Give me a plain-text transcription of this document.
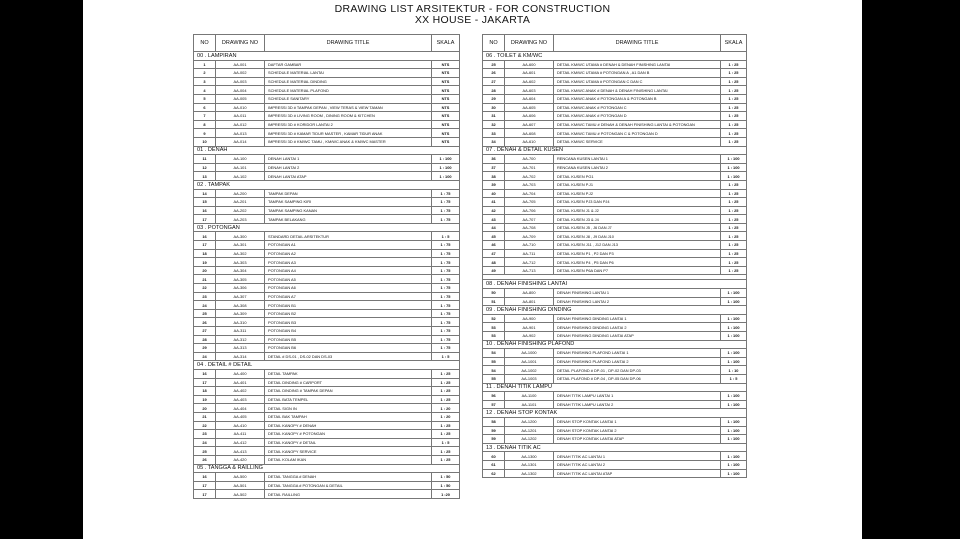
DRAWING LIST ARSITEKTUR - FOR CONSTRUCTION
XX HOUSE - JAKARTA
NO	DRAWING NO	DRAWING TITLE	SKALA
00 . LAMPIRAN			
1	AA-001	DAFTAR GAMBAR	NTS
2	AA-002	SCHEDULE MATERIAL LANTAI	NTS
3	AA-003	SCHEDULE MATERIAL DINDING	NTS
4	AA-004	SCHEDULE MATERIAL PLAFOND	NTS
5	AA-005	SCHEDULE SANITARY	NTS
6	AA-010	IMPRESSI 3D # TAMPAK DEPAN , VIEW TERAS & VIEW TAMAN	NTS
7	AA-011	IMPRESSI 3D # LIVING ROOM , DINING ROOM & KITCHEN	NTS
8	AA-012	IMPRESSI 3D # KORIDOR LANTAI 2	NTS
9	AA-013	IMPRESSI 3D # KAMAR TIDUR MASTER , KAMAR TIDUR ANAK	NTS
10	AA-014	IMPRESSI 3D # KM/WC TAMU , KM/WC ANAK & KM/WC MASTER	NTS
01 . DENAH			
11	AA-100	DENAH LANTAI 1	1 : 100
12	AA-101	DENAH LANTAI 2	1 : 100
13	AA-102	DENAH LANTAI ATAP	1 : 100
02 . TAMPAK			
14	AA-200	TAMPAK DEPAN	1 : 75
15	AA-201	TAMPAK SAMPING KIRI	1 : 75
16	AA-202	TAMPAK SAMPING KANAN	1 : 75
17	AA-203	TAMPAK BELAKANG	1 : 75
03 . POTONGAN			
16	AA-300	STANDARD DETAIL ARSITEKTUR	1 : 5
17	AA-301	POTONGAN A1	1 : 75
18	AA-302	POTONGAN A2	1 : 75
19	AA-303	POTONGAN A3	1 : 75
20	AA-304	POTONGAN A4	1 : 75
21	AA-305	POTONGAN A5	1 : 75
22	AA-306	POTONGAN A6	1 : 75
23	AA-307	POTONGAN A7	1 : 75
24	AA-308	POTONGAN B1	1 : 75
25	AA-309	POTONGAN B2	1 : 75
26	AA-310	POTONGAN B3	1 : 75
27	AA-311	POTONGAN B4	1 : 75
28	AA-312	POTONGAN B5	1 : 75
29	AA-313	POTONGAN B6	1 : 75
24	AA-314	DETAIL # DS-01 , DS-02 DAN DS-03	1 : 5
04 . DETAIL # DETAIL			
16	AA-400	DETAIL TAMPAK	1 : 25
17	AA-401	DETAIL DINDING # CARPORT	1 : 25
18	AA-402	DETAIL DINDING # TAMPAK DEPAN	1 : 25
19	AA-403	DETAIL BATA TEMPEL	1 : 25
20	AA-404	DETAIL SIGN IN	1 : 20
21	AA-405	DETAIL BAK TAMPAH	1 : 20
22	AA-410	DETAIL KANOPY # DENAH	1 : 25
23	AA-411	DETAIL KANOPY # POTONGAN	1 : 25
24	AA-412	DETAIL KANOPY # DETAIL	1 : 5
25	AA-413	DETAIL KANOPY SERVICE	1 : 25
26	AA-420	DETAIL KOLAM IKAN	1 : 25
05 . TANGGA & RAILLING			
16	AA-500	DETAIL TANGGA # DENAH	1 : 50
17	AA-501	DETAIL TANGGA # POTONGAN & DETAIL	1 : 50
17	AA-502	DETAIL RAILLING	1 :20
NO	DRAWING NO	DRAWING TITLE	SKALA
06 . TOILET & KM/WC			
25	AA-600	DETAIL KM/WC UTAMA # DENAH & DENAH FINISHING LANTAI	1 : 25
26	AA-601	DETAIL KM/WC UTAMA # POTONGAN A , A1 DAN B	1 : 25
27	AA-602	DETAIL KM/WC UTAMA # POTONGAN C DAN C	1 : 25
28	AA-603	DETAIL KM/WC ANAK # DENAH & DENAH FINISHING LANTAI	1 : 25
29	AA-604	DETAIL KM/WC ANAK # POTONGAN A & POTONGAN B	1 : 25
30	AA-605	DETAIL KM/WC ANAK # POTONGAN C	1 : 25
31	AA-606	DETAIL KM/WC ANAK # POTONGAN D	1 : 25
32	AA-607	DETAIL KM/WC TAMU # DENAH & DENAH FINISHING LANTAI & POTONGAN	1 : 25
33	AA-608	DETAIL KM/WC TAMU # POTONGAN C & POTONGAN D	1 : 25
34	AA-610	DETAIL KM/WC SERVICE	1 : 25
07 . DENAH & DETAIL KUSEN			
36	AA-700	RENCANA KUSEN LANTAI 1	1 : 100
37	AA-701	RENCANA KUSEN LANTAI 2	1 : 100
38	AA-702	DETAIL KUSEN PG1	1 : 100
39	AA-703	DETAIL KUSEN P.J1	1 : 25
40	AA-704	DETAIL KUSEN P.J2	1 : 25
41	AA-705	DETAIL KUSEN PJ3 DAN PJ4	1 : 25
42	AA-706	DETAIL KUSEN J1 & J2	1 : 25
43	AA-707	DETAIL KUSEN J3 & J4	1 : 25
44	AA-708	DETAIL KUSEN J5 , J6 DAN J7	1 : 25
45	AA-709	DETAIL KUSEN J8 , J9 DAN J10	1 : 25
46	AA-710	DETAIL KUSEN J11 , J12 DAN J13	1 : 25
47	AA-711	DETAIL KUSEN P1 , P2 DAN P3	1 : 25
48	AA-712	DETAIL KUSEN P4 , P5 DAN P6	1 : 25
49	AA-713	DETAIL KUSEN P6A DAN P7	1 : 25

08 . DENAH FINISHING LANTAI			
50	AA-800	DENAH FINISHING LANTAI 1	1 : 100
51	AA-801	DENAH FINISHING LANTAI 2	1 : 100
09 . DENAH FINISHING DINDING			
52	AA-900	DENAH FINISHING DINDING LANTAI 1	1 : 100
53	AA-901	DENAH FINISHING DINDING LANTAI 2	1 : 100
53	AA-902	DENAH FINISHING DINDING LANTAI ATAP	1 : 100
10 . DENAH FINISHING PLAFOND			
54	AA-1000	DENAH FINISHING PLAFOND LANTAI 1	1 : 100
55	AA-1001	DENAH FINISHING PLAFOND LANTAI 2	1 : 100
54	AA-1002	DETAIL PLAFOND # DP-01 , DP-02 DAN DP-03	1 : 10
55	AA-1003	DETAIL PLAFOND # DP-04 , DP-05 DAN DP-06	1 : 5
11 . DENAH TITIK LAMPU			
56	AA-1100	DENAH TITIK LAMPU LANTAI 1	1 : 100
57	AA-1101	DENAH TITIK LAMPU LANTAI 2	1 : 100
12 . DENAH STOP KONTAK			
58	AA-1200	DENAH STOP KONTAK LANTAI 1	1 : 100
59	AA-1201	DENAH STOP KONTAK LANTAI 2	1 : 100
59	AA-1202	DENAH STOP KONTAK LANTAI ATAP	1 : 100
13 . DENAH TITIK AC			
60	AA-1300	DENAH TITIK AC LANTAI 1	1 : 100
61	AA-1301	DENAH TITIK AC LANTAI 2	1 : 100
62	AA-1302	DENAH TITIK AC LANTAI ATAP	1 : 100
